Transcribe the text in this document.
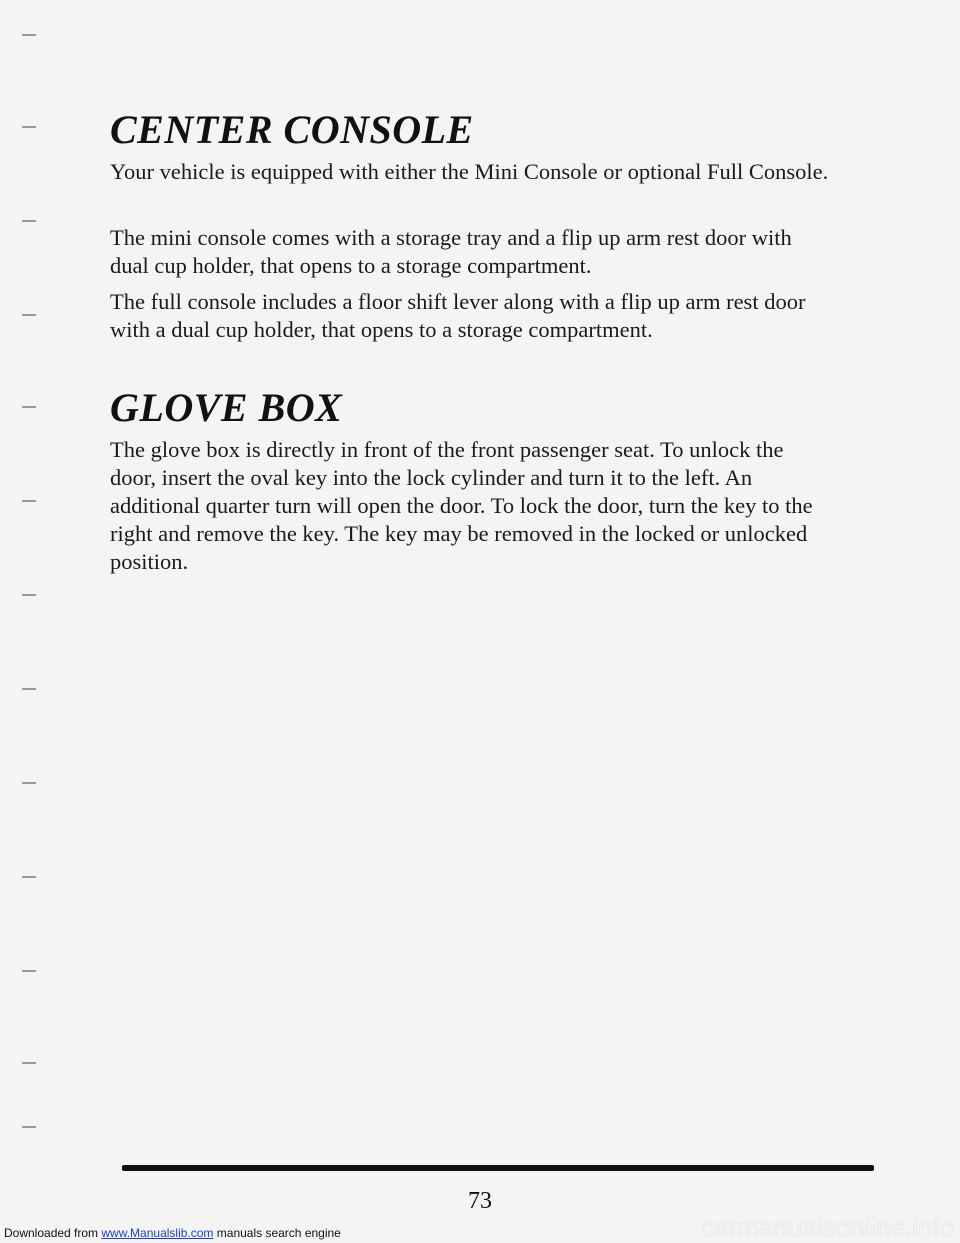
CENTER CONSOLE

Your vehicle is equipped with either the Mini Console or optional Full Console.

The mini console comes with a storage tray and a flip up arm rest door with dual cup holder, that opens to a storage compartment.

The full console includes a floor shift lever along with a flip up arm rest door with a dual cup holder, that opens to a storage compartment.

GLOVE BOX

The glove box is directly in front of the front passenger seat. To unlock the door, insert the oval key into the lock cylinder and turn it to the left. An additional quarter turn will open the door. To lock the door, turn the key to the right and remove the key. The key may be removed in the locked or unlocked position.

73
carmanualsonline.info
Downloaded from www.Manualslib.com manuals search engine
